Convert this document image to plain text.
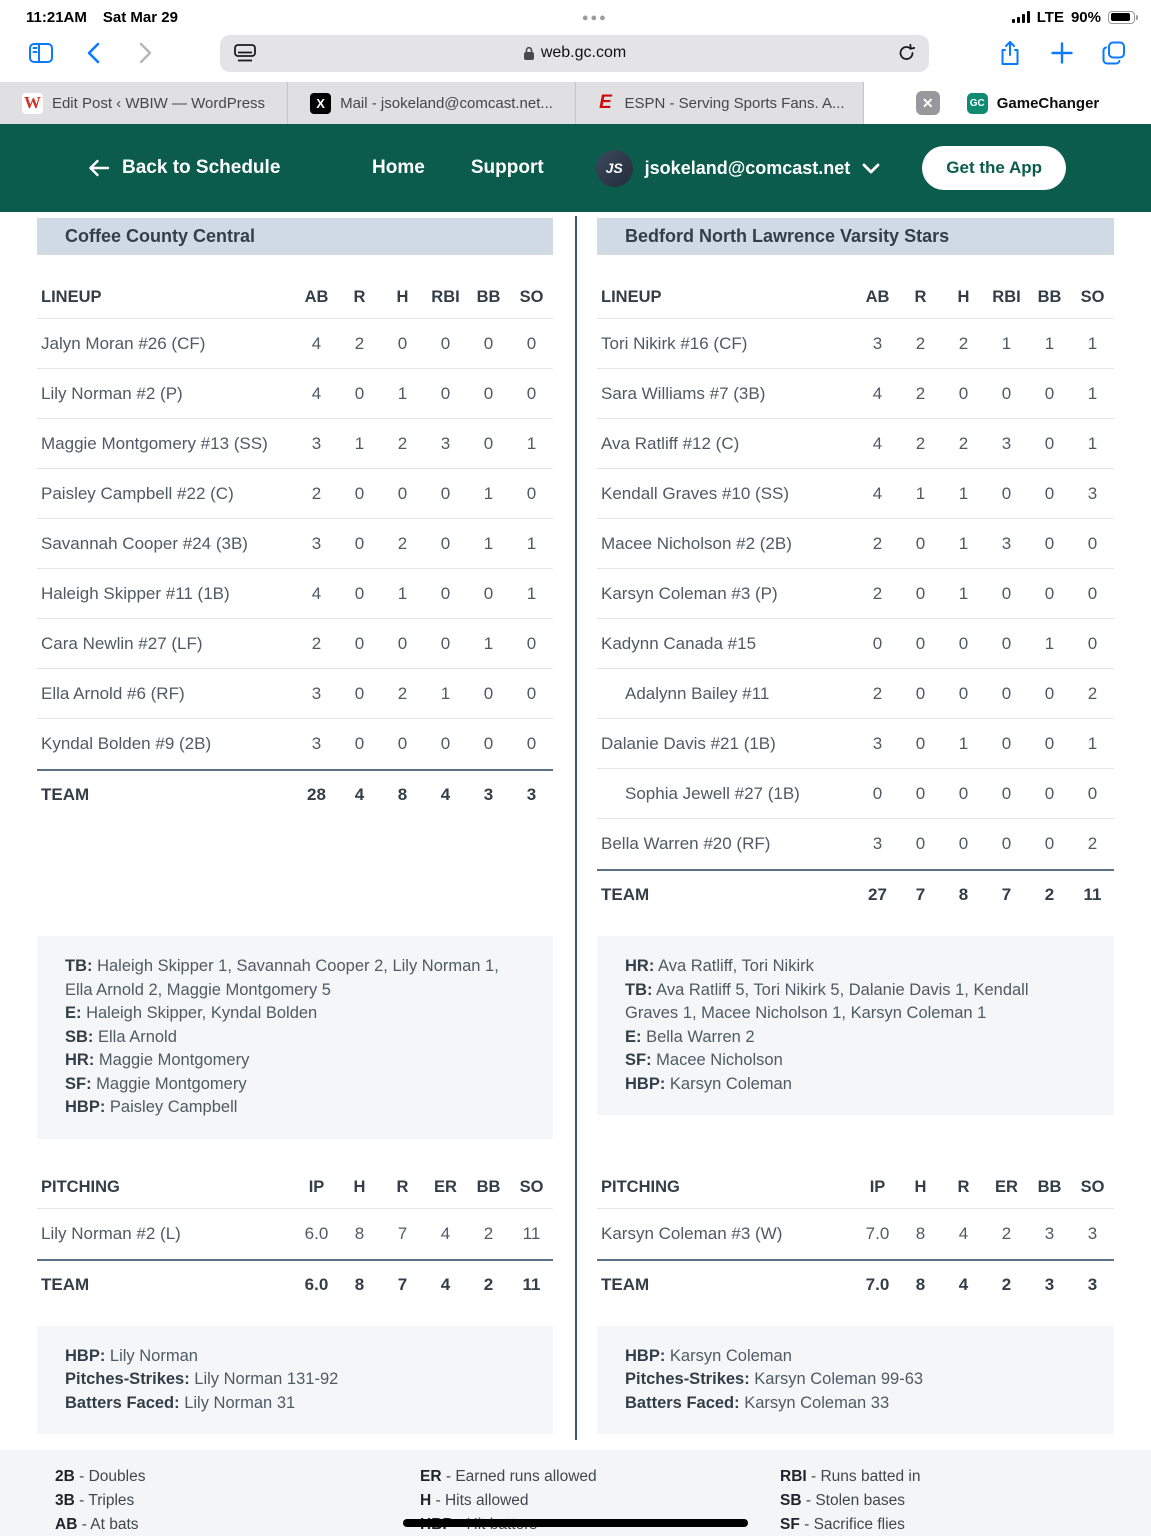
11:21AM Sat Mar 29	●●●	LTE 90%
web.gc.com
W Edit Post ‹ WBIW — WordPress	X	Mail - jsokeland@comcast.net... E ESPN - Serving Sports Fans. A...	✕	GC GameChanger
Back to Schedule	Home Support	JS	jsokeland@comcast.net	Get the App
Coffee County Central
LINEUP	AB	R	H	RBI	BB	SO
Jalyn Moran #26 (CF)	4	2	0	0	0	0
Lily Norman #2 (P)	4	0	1	0	0	0
Maggie Montgomery #13 (SS)	3	1	2	3	0	1
Paisley Campbell #22 (C)	2	0	0	0	1	0
Savannah Cooper #24 (3B)	3	0	2	0	1	1
Haleigh Skipper #11 (1B)	4	0	1	0	0	1
Cara Newlin #27 (LF)	2	0	0	0	1	0
Ella Arnold #6 (RF)	3	0	2	1	0	0
Kyndal Bolden #9 (2B)	3	0	0	0	0	0
TEAM	28	4	8	4	3	3
TB: Haleigh Skipper 1, Savannah Cooper 2, Lily Norman 1, Ella Arnold 2, Maggie Montgomery 5
E: Haleigh Skipper, Kyndal Bolden
SB: Ella Arnold
HR: Maggie Montgomery
SF: Maggie Montgomery
HBP: Paisley Campbell
PITCHING	IP	H	R	ER	BB	SO
Lily Norman #2 (L)	6.0	8	7	4	2	11
TEAM	6.0	8	7	4	2	11
HBP: Lily Norman
Pitches-Strikes: Lily Norman 131-92
Batters Faced: Lily Norman 31
Bedford North Lawrence Varsity Stars
LINEUP	AB	R	H	RBI	BB	SO
Tori Nikirk #16 (CF)	3	2	2	1	1	1
Sara Williams #7 (3B)	4	2	0	0	0	1
Ava Ratliff #12 (C)	4	2	2	3	0	1
Kendall Graves #10 (SS)	4	1	1	0	0	3
Macee Nicholson #2 (2B)	2	0	1	3	0	0
Karsyn Coleman #3 (P)	2	0	1	0	0	0
Kadynn Canada #15	0	0	0	0	1	0
Adalynn Bailey #11	2	0	0	0	0	2
Dalanie Davis #21 (1B)	3	0	1	0	0	1
Sophia Jewell #27 (1B)	0	0	0	0	0	0
Bella Warren #20 (RF)	3	0	0	0	0	2
TEAM	27	7	8	7	2	11
HR: Ava Ratliff, Tori Nikirk
TB: Ava Ratliff 5, Tori Nikirk 5, Dalanie Davis 1, Kendall Graves 1, Macee Nicholson 1, Karsyn Coleman 1
E: Bella Warren 2
SF: Macee Nicholson
HBP: Karsyn Coleman
PITCHING	IP	H	R	ER	BB	SO
Karsyn Coleman #3 (W)	7.0	8	4	2	3	3
TEAM	7.0	8	4	2	3	3
HBP: Karsyn Coleman
Pitches-Strikes: Karsyn Coleman 99-63
Batters Faced: Karsyn Coleman 33
2B - Doubles
3B - Triples
AB - At bats
ER - Earned runs allowed
H - Hits allowed
RBI - Runs batted in
SB - Stolen bases
SF - Sacrifice flies
